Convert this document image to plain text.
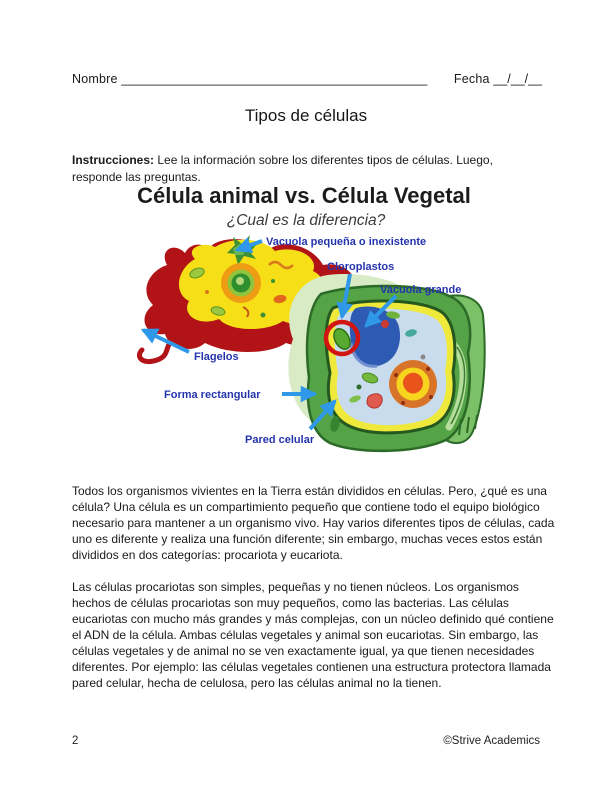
Nombre ____________________________________________ Fecha __/__/__
Tipos de células

Instrucciones: Lee la información sobre los diferentes tipos de células. Luego, responde las preguntas.

Célula animal vs. Célula Vegetal
¿Cual es la diferencia?
Vacuola pequeña o inexistente
Cloroplastos
Vacuola grande
Flagelos
Forma rectangular
Pared celular

Todos los organismos vivientes en la Tierra están divididos en células. Pero, ¿qué es una célula? Una célula es un compartimiento pequeño que contiene todo el equipo biológico necesario para mantener a un organismo vivo. Hay varios diferentes tipos de células, cada uno es diferente y realiza una función diferente; sin embargo, muchas veces estos están divididos en dos categorías: procariota y eucariota.

Las células procariotas son simples, pequeñas y no tienen núcleos. Los organismos hechos de células procariotas son muy pequeños, como las bacterias. Las células eucariotas con mucho más grandes y más complejas, con un núcleo definido qué contiene el ADN de la célula. Ambas células vegetales y animal son eucariotas. Sin embargo, las células vegetales y de animal no se ven exactamente igual, ya que tienen necesidades diferentes. Por ejemplo: las células vegetales contienen una estructura protectora llamada pared celular, hecha de celulosa, pero las células animal no la tienen.

2	©Strive Academics
